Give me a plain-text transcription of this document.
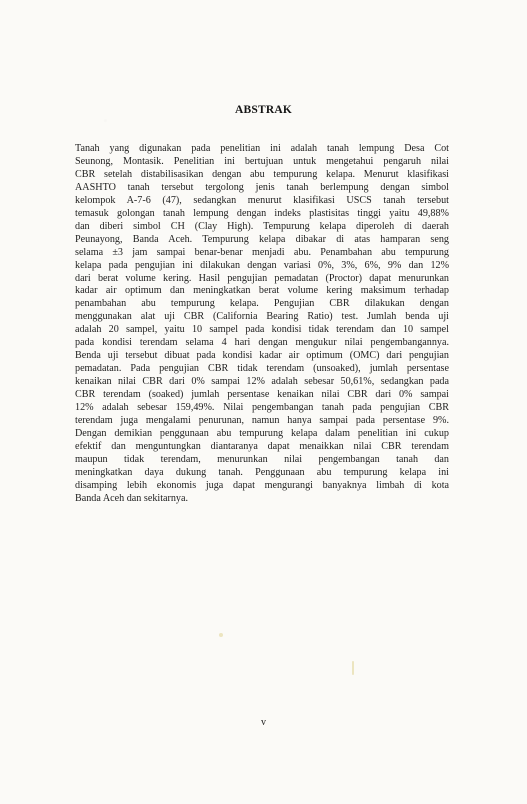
ABSTRAK
Tanah yang digunakan pada penelitian ini adalah tanah lempung Desa Cot
Seunong, Montasik. Penelitian ini bertujuan untuk mengetahui pengaruh nilai
CBR setelah distabilisasikan dengan abu tempurung kelapa. Menurut klasifikasi
AASHTO tanah tersebut tergolong jenis tanah berlempung dengan simbol
kelompok A-7-6 (47), sedangkan menurut klasifikasi USCS tanah tersebut
temasuk golongan tanah lempung dengan indeks plastisitas tinggi yaitu 49,88%
dan diberi simbol CH (Clay High). Tempurung kelapa diperoleh di daerah
Peunayong, Banda Aceh. Tempurung kelapa dibakar di atas hamparan seng
selama ±3 jam sampai benar-benar menjadi abu. Penambahan abu tempurung
kelapa pada pengujian ini dilakukan dengan variasi 0%, 3%, 6%, 9% dan 12%
dari berat volume kering. Hasil pengujian pemadatan (Proctor) dapat menurunkan
kadar air optimum dan meningkatkan berat volume kering maksimum terhadap
penambahan abu tempurung kelapa. Pengujian CBR dilakukan dengan
menggunakan alat uji CBR (California Bearing Ratio) test. Jumlah benda uji
adalah 20 sampel, yaitu 10 sampel pada kondisi tidak terendam dan 10 sampel
pada kondisi terendam selama 4 hari dengan mengukur nilai pengembangannya.
Benda uji tersebut dibuat pada kondisi kadar air optimum (OMC) dari pengujian
pemadatan. Pada pengujian CBR tidak terendam (unsoaked), jumlah persentase
kenaikan nilai CBR dari 0% sampai 12% adalah sebesar 50,61%, sedangkan pada
CBR terendam (soaked) jumlah persentase kenaikan nilai CBR dari 0% sampai
12% adalah sebesar 159,49%. Nilai pengembangan tanah pada pengujian CBR
terendam juga mengalami penurunan, namun hanya sampai pada persentase 9%.
Dengan demikian penggunaan abu tempurung kelapa dalam penelitian ini cukup
efektif dan menguntungkan diantaranya dapat menaikkan nilai CBR terendam
maupun tidak terendam, menurunkan nilai pengembangan tanah dan
meningkatkan daya dukung tanah. Penggunaan abu tempurung kelapa ini
disamping lebih ekonomis juga dapat mengurangi banyaknya limbah di kota
Banda Aceh dan sekitarnya.
v
